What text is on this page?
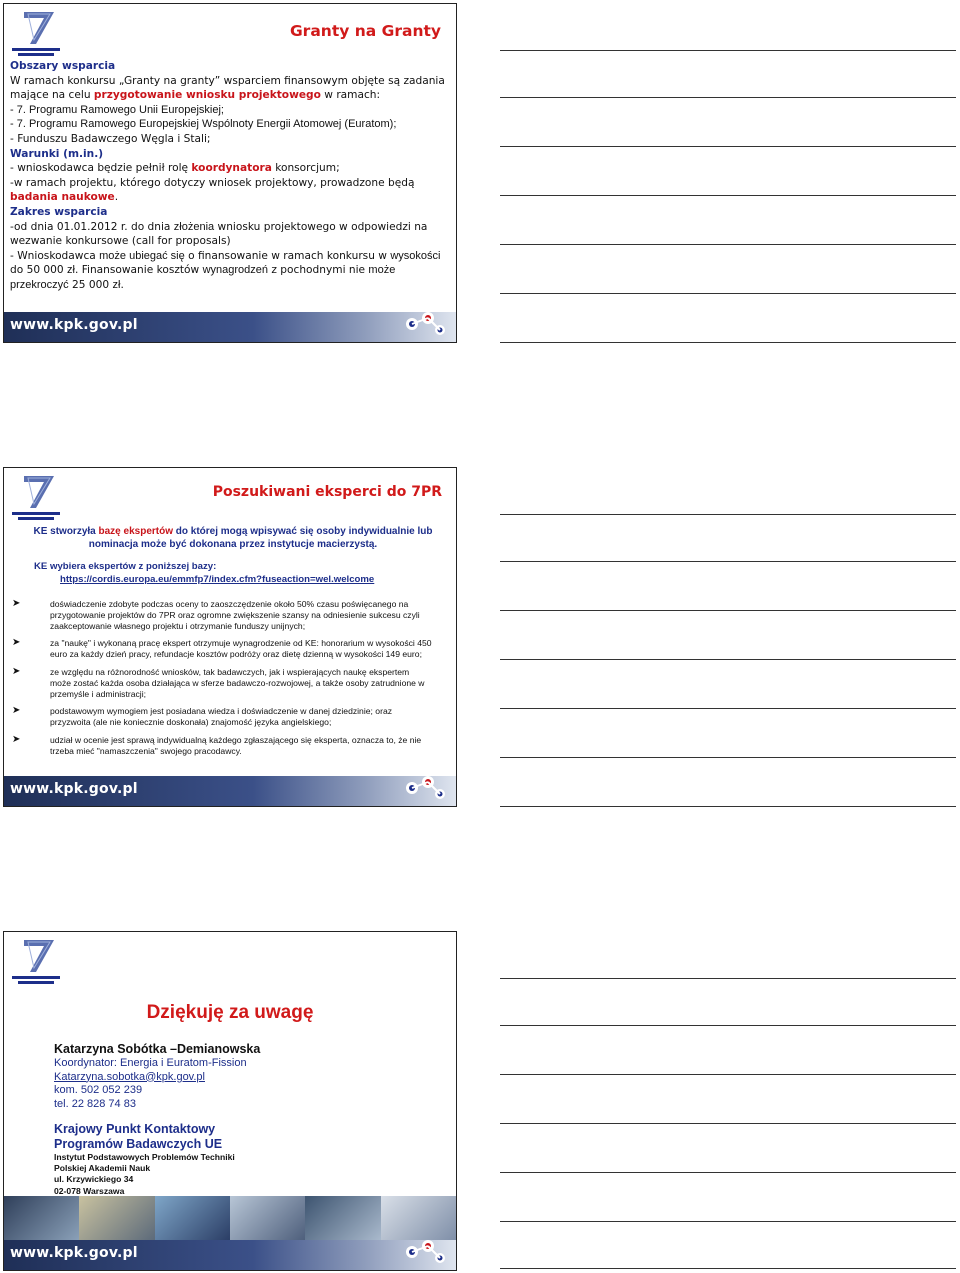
Granty na Granty
Obszary wsparcia
W ramach konkursu „Granty na granty” wsparciem finansowym objęte są zadania mające na celu przygotowanie wniosku projektowego w ramach:
- 7. Programu Ramowego Unii Europejskiej;
- 7. Programu Ramowego Europejskiej Wspólnoty Energii Atomowej (Euratom);
- Funduszu Badawczego Węgla i Stali;
Warunki (m.in.)
- wnioskodawca będzie pełnił rolę koordynatora konsorcjum;
-w ramach projektu, którego dotyczy wniosek projektowy, prowadzone będą badania naukowe.
Zakres wsparcia
-od dnia 01.01.2012 r. do dnia złożenia wniosku projektowego w odpowiedzi na wezwanie konkursowe (call for proposals)
- Wnioskodawca może ubiegać się o finansowanie w ramach konkursu w wysokości do 50 000 zł. Finansowanie kosztów wynagrodzeń z pochodnymi nie może przekroczyć 25 000 zł.
www.kpk.gov.pl
Poszukiwani eksperci do 7PR
KE stworzyła bazę ekspertów do której mogą wpisywać się osoby indywidualnie lub nominacja może być dokonana przez instytucje macierzystą.
KE wybiera ekspertów z poniższej bazy:
https://cordis.europa.eu/emmfp7/index.cfm?fuseaction=wel.welcome
➤	doświadczenie zdobyte podczas oceny to zaoszczędzenie około 50% czasu poświęcanego na przygotowanie projektów do 7PR oraz ogromne zwiększenie szansy na odniesienie sukcesu czyli zaakceptowanie własnego projektu i otrzymanie funduszy unijnych;
➤	za "naukę" i wykonaną pracę ekspert otrzymuje wynagrodzenie od KE: honorarium w wysokości 450 euro za każdy dzień pracy, refundacje kosztów podróży oraz dietę dzienną w wysokości 149 euro;
➤	ze względu na różnorodność wniosków, tak badawczych, jak i wspierających naukę ekspertem może zostać każda osoba działająca w sferze badawczo-rozwojowej, a także osoby zatrudnione w przemyśle i administracji;
➤	podstawowym wymogiem jest posiadana wiedza i doświadczenie w danej dziedzinie; oraz przyzwoita (ale nie koniecznie doskonała) znajomość języka angielskiego;
➤	udział w ocenie jest sprawą indywidualną każdego zgłaszającego się eksperta, oznacza to, że nie trzeba mieć "namaszczenia" swojego pracodawcy.
www.kpk.gov.pl
Dziękuję za uwagę
Katarzyna Sobótka –Demianowska
Koordynator: Energia i Euratom-Fission
Katarzyna.sobotka@kpk.gov.pl
kom. 502 052 239
tel. 22 828 74 83
Krajowy Punkt Kontaktowy
Programów Badawczych UE
Instytut Podstawowych Problemów Techniki
Polskiej Akademii Nauk
ul. Krzywickiego 34
02-078 Warszawa
www.kpk.gov.pl
